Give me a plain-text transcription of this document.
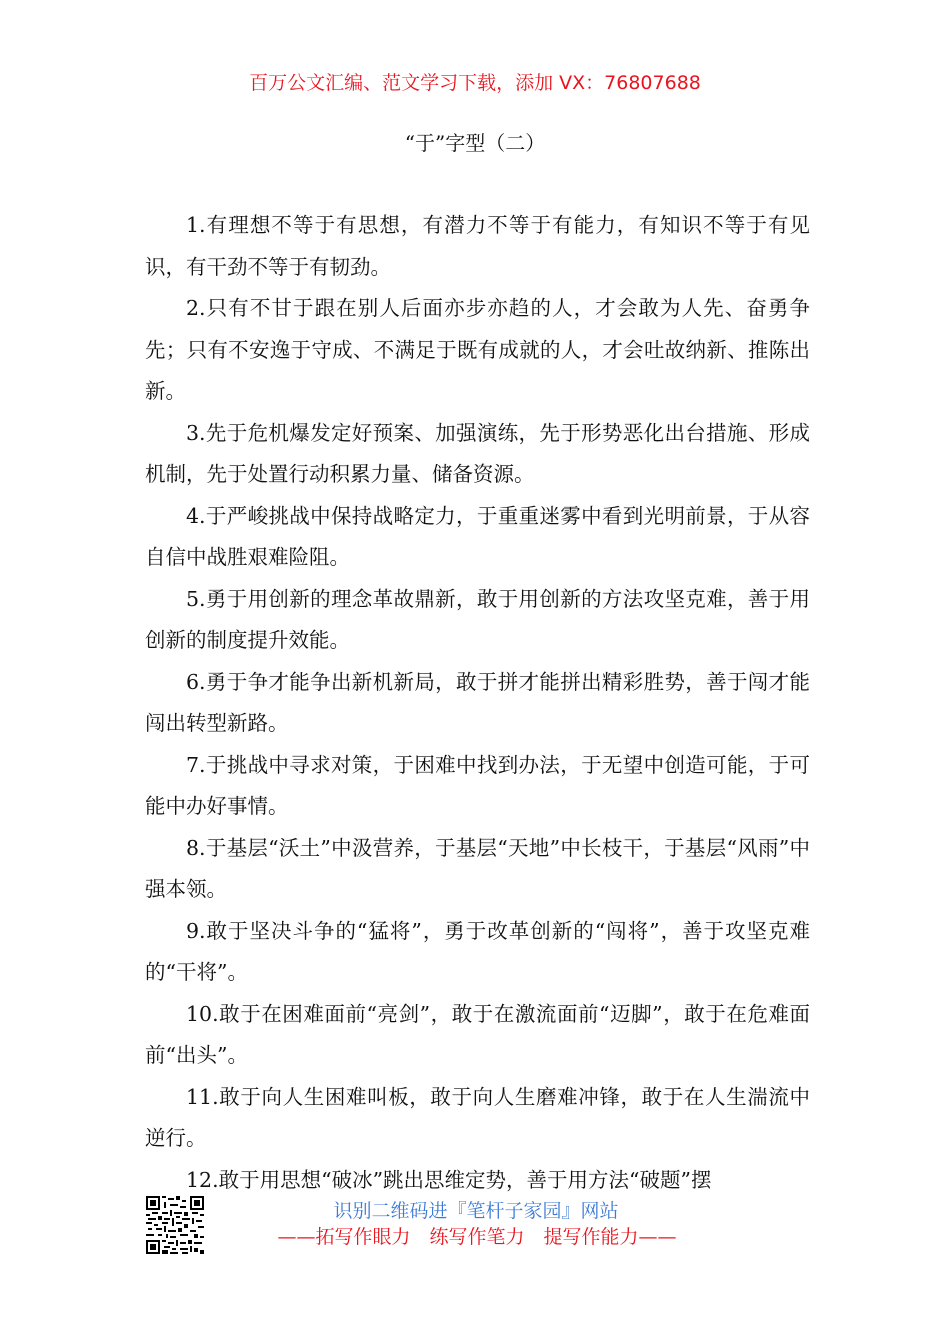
百万公文汇编、范文学习下载，添加 VX：76807688
“于”字型（二）

1.有理想不等于有思想，有潜力不等于有能力，有知识不等于有见识，有干劲不等于有韧劲。

2.只有不甘于跟在别人后面亦步亦趋的人，才会敢为人先、奋勇争先；只有不安逸于守成、不满足于既有成就的人，才会吐故纳新、推陈出新。

3.先于危机爆发定好预案、加强演练，先于形势恶化出台措施、形成机制，先于处置行动积累力量、储备资源。

4.于严峻挑战中保持战略定力，于重重迷雾中看到光明前景，于从容自信中战胜艰难险阻。

5.勇于用创新的理念革故鼎新，敢于用创新的方法攻坚克难，善于用创新的制度提升效能。

6.勇于争才能争出新机新局，敢于拼才能拼出精彩胜势，善于闯才能闯出转型新路。

7.于挑战中寻求对策，于困难中找到办法，于无望中创造可能，于可能中办好事情。

8.于基层“沃土”中汲营养，于基层“天地”中长枝干，于基层“风雨”中强本领。

9.敢于坚决斗争的“猛将”，勇于改革创新的“闯将”，善于攻坚克难的“干将”。

10.敢于在困难面前“亮剑”，敢于在激流面前“迈脚”，敢于在危难面前“出头”。

11.敢于向人生困难叫板，敢于向人生磨难冲锋，敢于在人生湍流中逆行。

12.敢于用思想“破冰”跳出思维定势，善于用方法“破题”摆

识别二维码进『笔杆子家园』网站
——拓写作眼力　练写作笔力　提写作能力——
